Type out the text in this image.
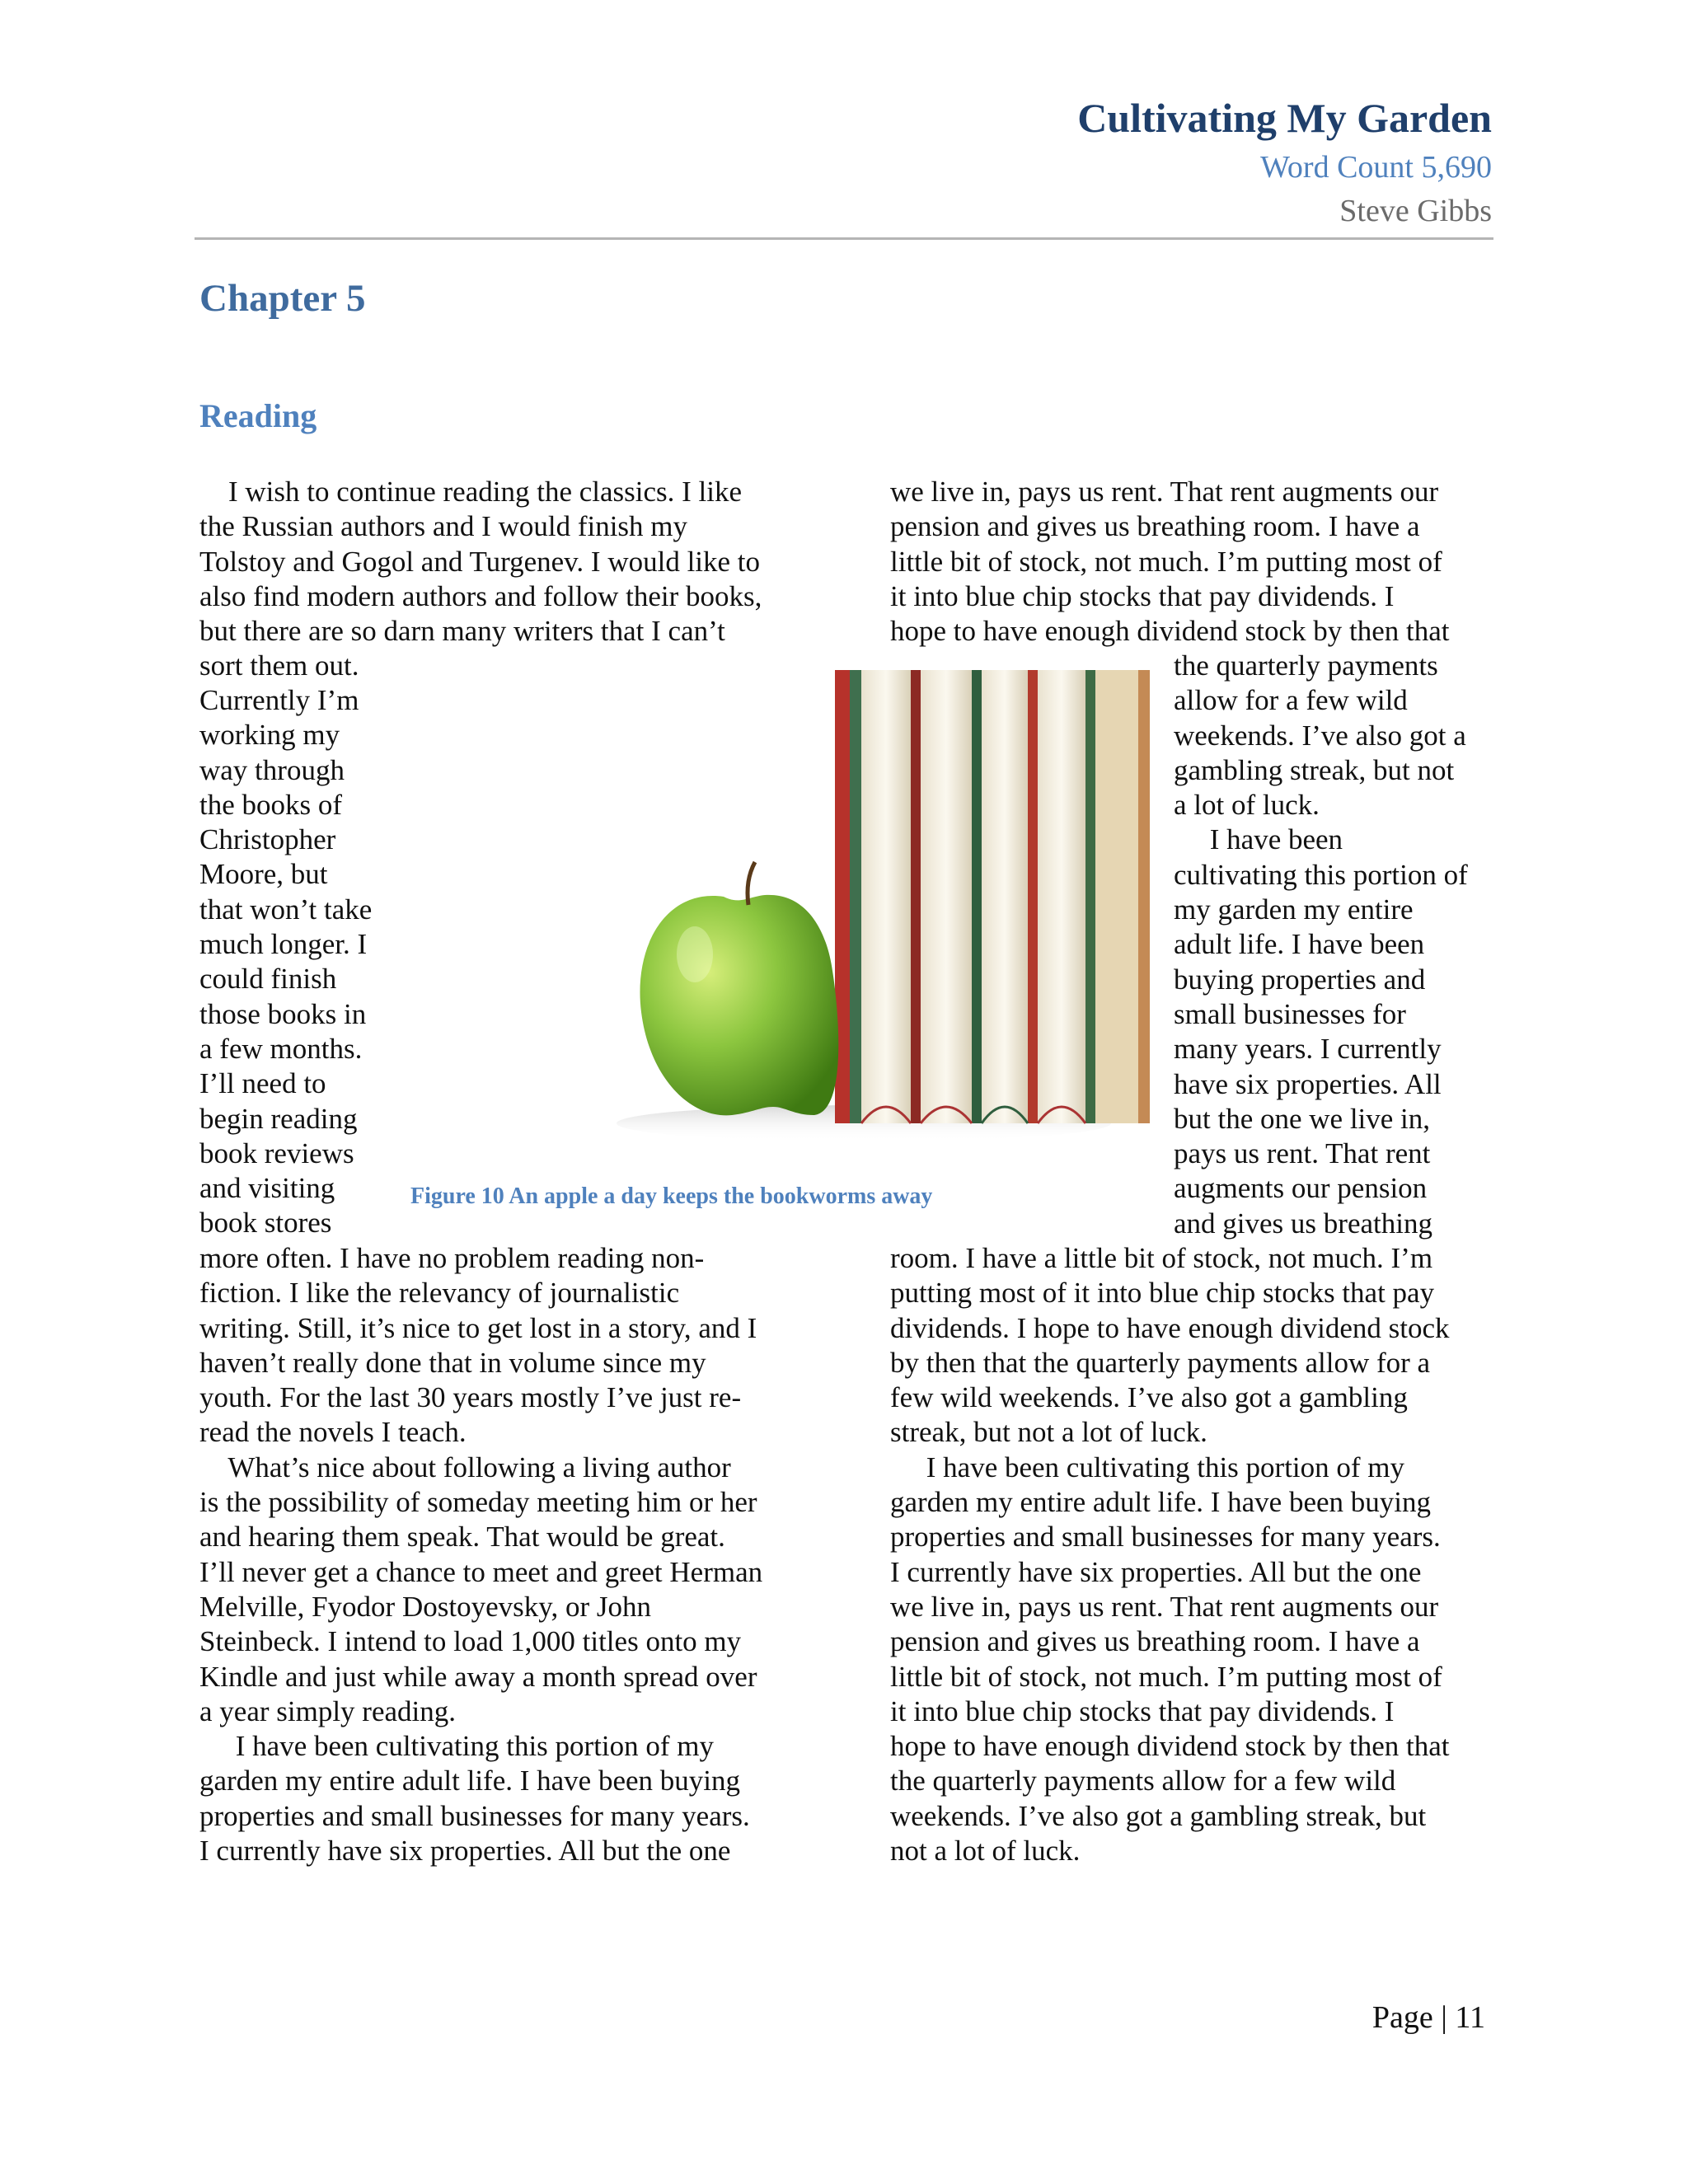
Cultivating My Garden
Word Count 5,690
Steve Gibbs
Chapter 5
Reading
I wish to continue reading the classics. I like
the Russian authors and I would finish my
Tolstoy and Gogol and Turgenev. I would like to
also find modern authors and follow their books,
but there are so darn many writers that I can’t
sort them out.
Currently I’m
working my
way through
the books of
Christopher
Moore, but
that won’t take
much longer. I
could finish
those books in
a few months.
I’ll need to
begin reading
book reviews
and visiting
book stores
more often. I have no problem reading non-
fiction. I like the relevancy of journalistic
writing. Still, it’s nice to get lost in a story, and I
haven’t really done that in volume since my
youth. For the last 30 years mostly I’ve just re-
read the novels I teach.
What’s nice about following a living author
is the possibility of someday meeting him or her
and hearing them speak. That would be great.
I’ll never get a chance to meet and greet Herman
Melville, Fyodor Dostoyevsky, or John
Steinbeck. I intend to load 1,000 titles onto my
Kindle and just while away a month spread over
a year simply reading.
I have been cultivating this portion of my
garden my entire adult life. I have been buying
properties and small businesses for many years.
I currently have six properties. All but the one
we live in, pays us rent. That rent augments our
pension and gives us breathing room. I have a
little bit of stock, not much. I’m putting most of
it into blue chip stocks that pay dividends. I
hope to have enough dividend stock by then that
the quarterly payments
allow for a few wild
weekends. I’ve also got a
gambling streak, but not
a lot of luck.
I have been
cultivating this portion of
my garden my entire
adult life. I have been
buying properties and
small businesses for
many years. I currently
have six properties. All
but the one we live in,
pays us rent. That rent
augments our pension
and gives us breathing
room. I have a little bit of stock, not much. I’m
putting most of it into blue chip stocks that pay
dividends. I hope to have enough dividend stock
by then that the quarterly payments allow for a
few wild weekends. I’ve also got a gambling
streak, but not a lot of luck.
I have been cultivating this portion of my
garden my entire adult life. I have been buying
properties and small businesses for many years.
I currently have six properties. All but the one
we live in, pays us rent. That rent augments our
pension and gives us breathing room. I have a
little bit of stock, not much. I’m putting most of
it into blue chip stocks that pay dividends. I
hope to have enough dividend stock by then that
the quarterly payments allow for a few wild
weekends. I’ve also got a gambling streak, but
not a lot of luck.
Figure 10 An apple a day keeps the bookworms away
Page | 11
